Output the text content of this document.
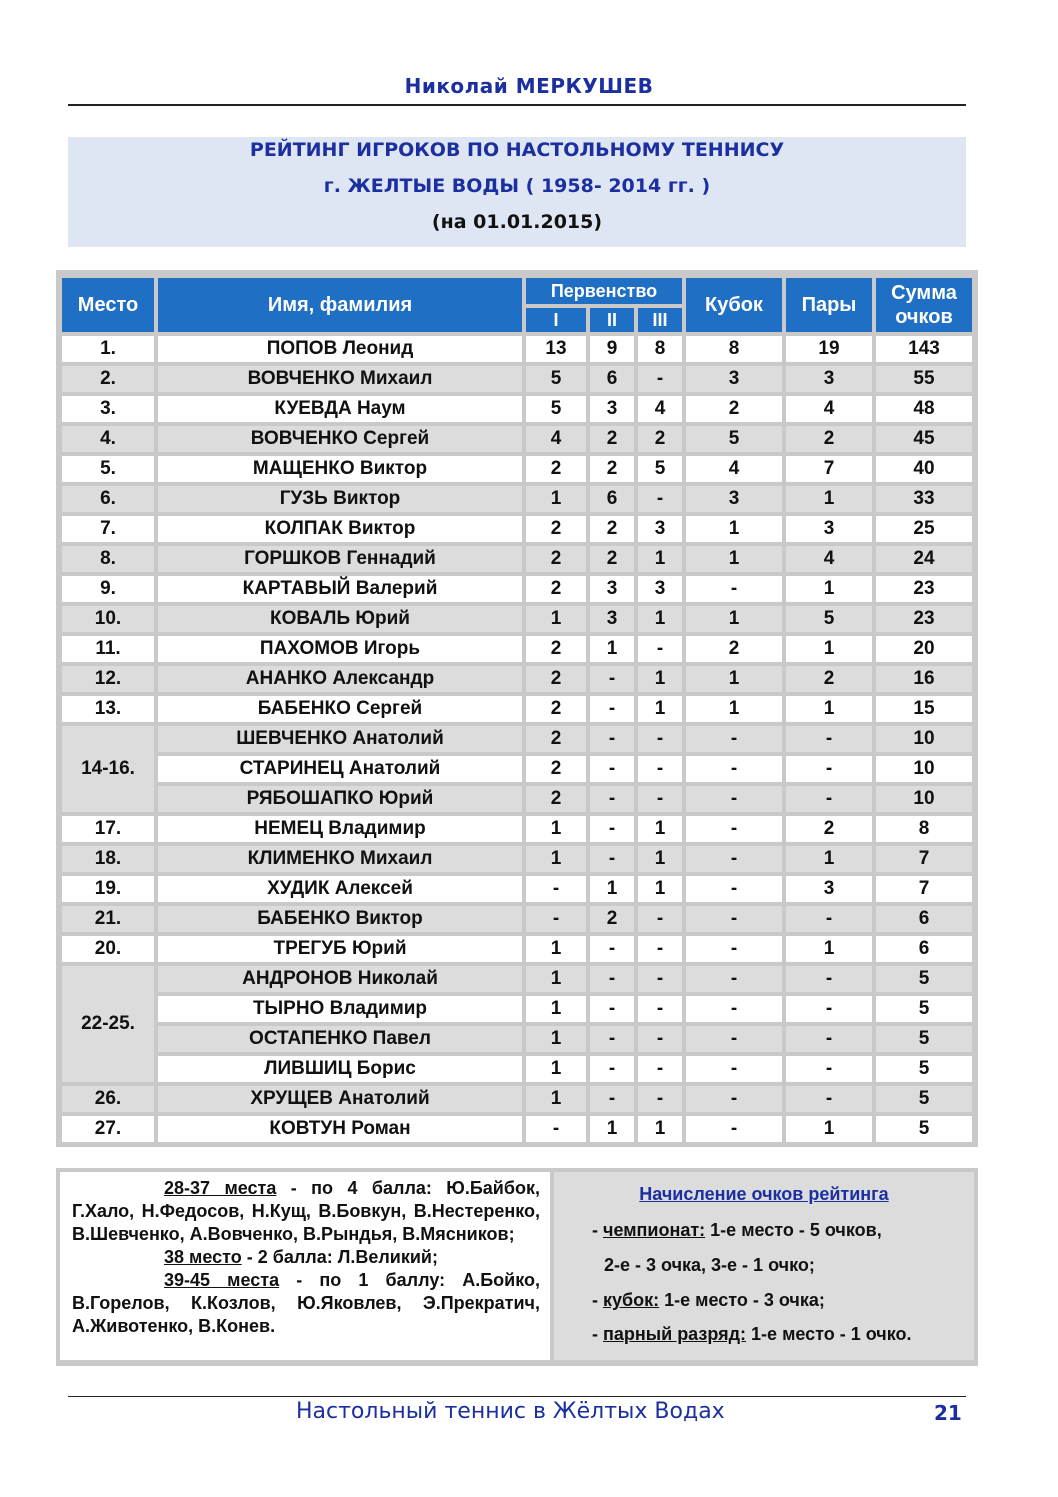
Николай МЕРКУШЕВ
РЕЙТИНГ ИГРОКОВ ПО НАСТОЛЬНОМУ ТЕННИСУ
г. ЖЕЛТЫЕ ВОДЫ ( 1958- 2014 гг. )
(на 01.01.2015)
Место	Имя, фамилия	Первенство			Кубок	Пары	Сумма
очков
		I	II	III			
1.	ПОПОВ Леонид	13	9	8	8	19	143
2.	ВОВЧЕНКО Михаил	5	6	-	3	3	55
3.	КУЕВДА Наум	5	3	4	2	4	48
4.	ВОВЧЕНКО Сергей	4	2	2	5	2	45
5.	МАЩЕНКО Виктор	2	2	5	4	7	40
6.	ГУЗЬ Виктор	1	6	-	3	1	33
7.	КОЛПАК Виктор	2	2	3	1	3	25
8.	ГОРШКОВ Геннадий	2	2	1	1	4	24
9.	КАРТАВЫЙ Валерий	2	3	3	-	1	23
10.	КОВАЛЬ Юрий	1	3	1	1	5	23
11.	ПАХОМОВ Игорь	2	1	-	2	1	20
12.	АНАНКО Александр	2	-	1	1	2	16
13.	БАБЕНКО Сергей	2	-	1	1	1	15
14-16.	ШЕВЧЕНКО Анатолий	2	-	-	-	-	10
	СТАРИНЕЦ Анатолий	2	-	-	-	-	10
	РЯБОШАПКО Юрий	2	-	-	-	-	10
17.	НЕМЕЦ Владимир	1	-	1	-	2	8
18.	КЛИМЕНКО Михаил	1	-	1	-	1	7
19.	ХУДИК Алексей	-	1	1	-	3	7
21.	БАБЕНКО Виктор	-	2	-	-	-	6
20.	ТРЕГУБ Юрий	1	-	-	-	1	6
22-25.	АНДРОНОВ Николай	1	-	-	-	-	5
	ТЫРНО Владимир	1	-	-	-	-	5
	ОСТАПЕНКО Павел	1	-	-	-	-	5
	ЛИВШИЦ Борис	1	-	-	-	-	5
26.	ХРУЩЕВ Анатолий	1	-	-	-	-	5
27.	КОВТУН Роман	-	1	1	-	1	5

28-37 места - по 4 балла: Ю.Байбок, Г.Хало, Н.Федосов, Н.Кущ, В.Бовкун, В.Нестеренко, В.Шевченко, А.Вовченко, В.Рындья, В.Мясников;

38 место - 2 балла: Л.Великий;

39-45 места - по 1 баллу: А.Бойко, В.Горелов, К.Козлов, Ю.Яковлев, Э.Прекратич, А.Животенко, В.Конев.

Начисление очков рейтинга
- чемпионат: 1-е место - 5 очков,
2-е - 3 очка, 3-е - 1 очко;
- кубок: 1-е место - 3 очка;
- парный разряд: 1-е место - 1 очко.
Настольный теннис в Жёлтых Водах	21
